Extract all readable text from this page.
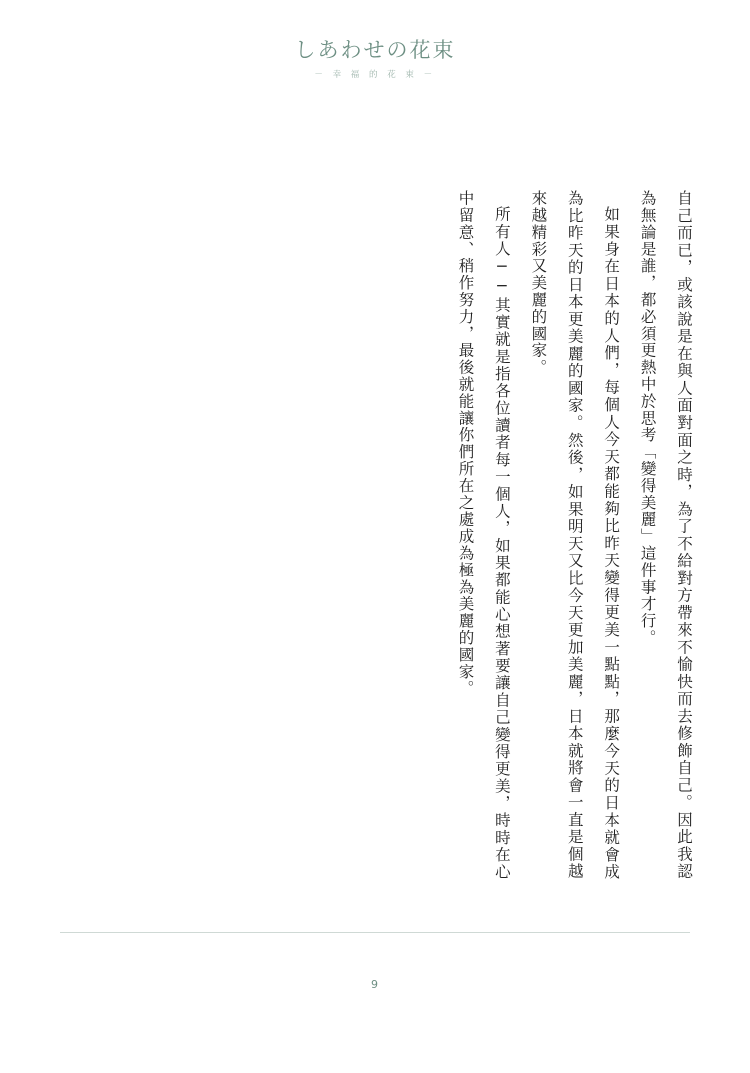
しあわせの花束
－ 幸 福 的 花 束 －

自己而已，或該說是在與人面對面之時，為了不給對方帶來不愉快而去修飾自己。因此我認為無論是誰，都必須更熱中於思考「變得美麗」這件事才行。

如果身在日本的人們，每個人今天都能夠比昨天變得更美一點點，那麼今天的日本就會成為比昨天的日本更美麗的國家。然後，如果明天又比今天更加美麗，日本就將會一直是個越來越精彩又美麗的國家。

所有人──其實就是指各位讀者每一個人，如果都能心想著要讓自己變得更美，時時在心中留意、稍作努力，最後就能讓你們所在之處成為極為美麗的國家。

9
